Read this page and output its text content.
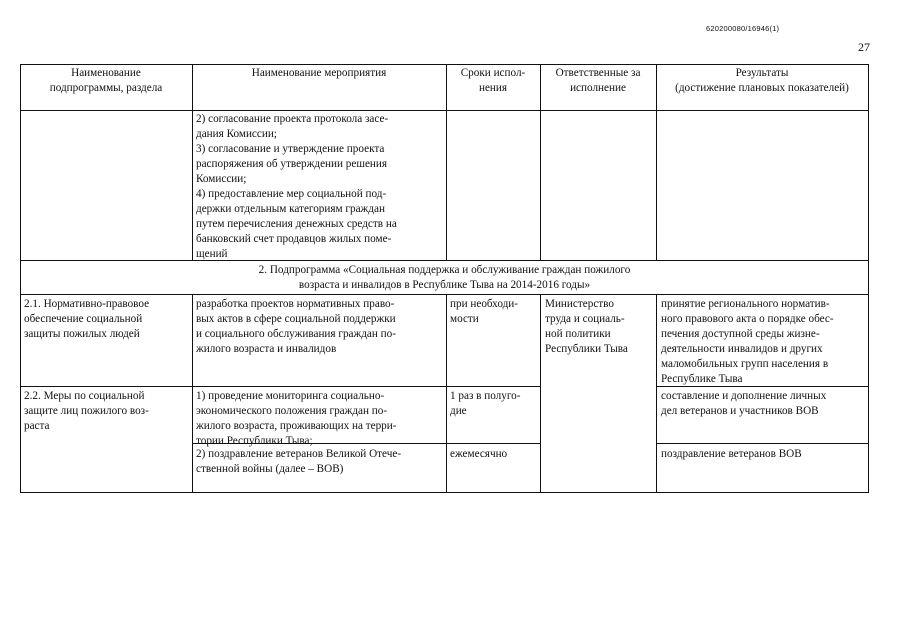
620200080/16946(1)
27
Наименование
подпрограммы, раздела
Наименование мероприятия	Сроки испол-
нения
Ответственные за
исполнение
Результаты
(достижение плановых показателей)
2) согласование проекта протокола засе-
дания Комиссии;
3) согласование и утверждение проекта
распоряжения об утверждении решения
Комиссии;
4) предоставление мер социальной под-
держки отдельным категориям граждан
путем перечисления денежных средств на
банковский счет продавцов жилых поме-
щений
2. Подпрограмма «Социальная поддержка и обслуживание граждан пожилого
возраста и инвалидов в Республике Тыва на 2014-2016 годы»
2.1. Нормативно-правовое
обеспечение социальной
защиты пожилых людей
разработка проектов нормативных право-
вых актов в сфере социальной поддержки
и социального обслуживания граждан по-
жилого возраста и инвалидов
при необходи-
мости
Министерство
труда и социаль-
ной политики
Республики Тыва
принятие регионального норматив-
ного правового акта о порядке обес-
печения доступной среды жизне-
деятельности инвалидов и других
маломобильных групп населения в
Республике Тыва
2.2. Меры по социальной
защите лиц пожилого воз-
раста
1) проведение мониторинга социально-
экономического положения граждан по-
жилого возраста, проживающих на терри-
тории Республики Тыва;
1 раз в полуго-
дие
составление и дополнение личных
дел ветеранов и участников ВОВ
2) поздравление ветеранов Великой Отече-
ственной войны (далее – ВОВ)
ежемесячно	поздравление ветеранов ВОВ
